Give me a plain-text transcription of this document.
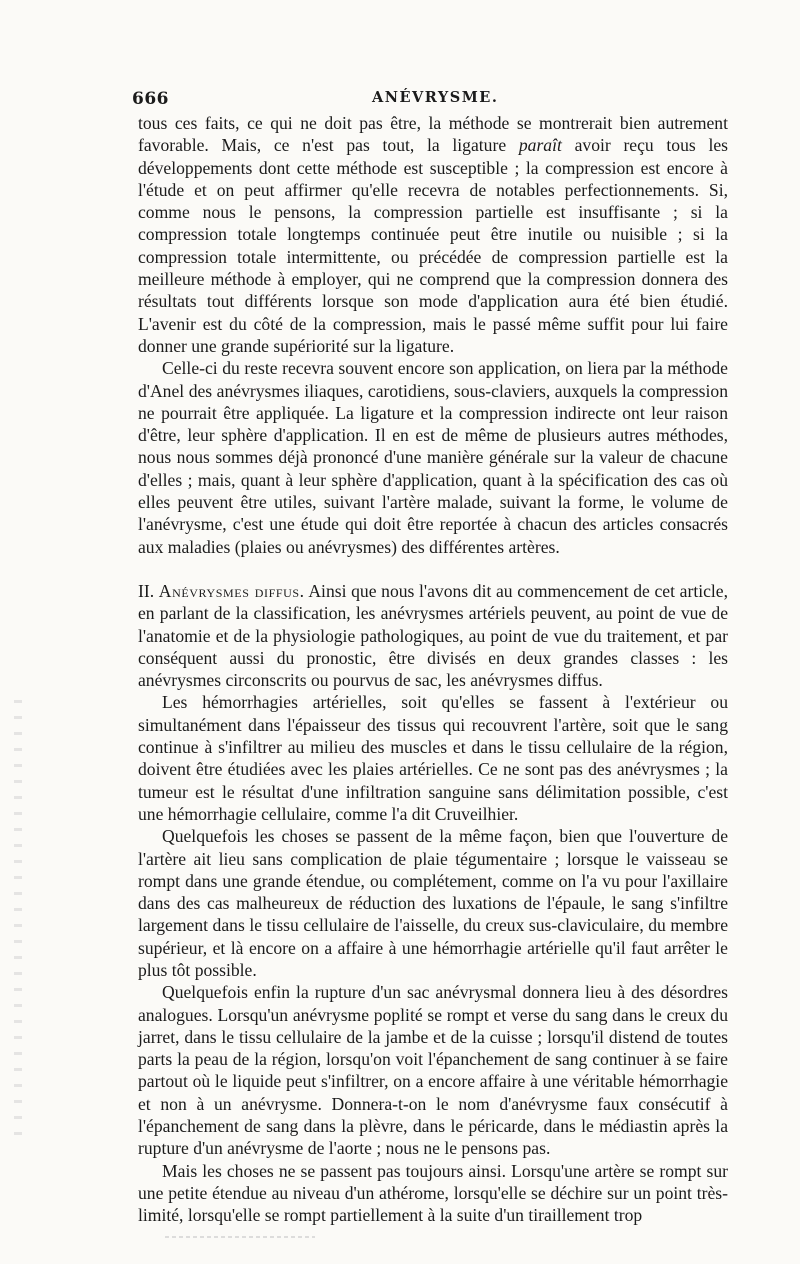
666	ANÉVRYSME.

tous ces faits, ce qui ne doit pas être, la méthode se montrerait bien autrement favorable. Mais, ce n'est pas tout, la ligature paraît avoir reçu tous les développements dont cette méthode est susceptible ; la compression est encore à l'étude et on peut affirmer qu'elle recevra de notables perfectionnements. Si, comme nous le pensons, la compression partielle est insuffisante ; si la compression totale longtemps continuée peut être inutile ou nuisible ; si la compression totale intermittente, ou précédée de compression partielle est la meilleure méthode à employer, qui ne comprend que la compression donnera des résultats tout différents lorsque son mode d'application aura été bien étudié. L'avenir est du côté de la compression, mais le passé même suffit pour lui faire donner une grande supériorité sur la ligature.

Celle-ci du reste recevra souvent encore son application, on liera par la méthode d'Anel des anévrysmes iliaques, carotidiens, sous-claviers, auxquels la compression ne pourrait être appliquée. La ligature et la compression indirecte ont leur raison d'être, leur sphère d'application. Il en est de même de plusieurs autres méthodes, nous nous sommes déjà prononcé d'une manière générale sur la valeur de chacune d'elles ; mais, quant à leur sphère d'application, quant à la spécification des cas où elles peuvent être utiles, suivant l'artère malade, suivant la forme, le volume de l'anévrysme, c'est une étude qui doit être reportée à chacun des articles consacrés aux maladies (plaies ou anévrysmes) des différentes artères.

II. Anévrysmes diffus. Ainsi que nous l'avons dit au commencement de cet article, en parlant de la classification, les anévrysmes artériels peuvent, au point de vue de l'anatomie et de la physiologie pathologiques, au point de vue du traitement, et par conséquent aussi du pronostic, être divisés en deux grandes classes : les anévrysmes circonscrits ou pourvus de sac, les anévrysmes diffus.

Les hémorrhagies artérielles, soit qu'elles se fassent à l'extérieur ou simultanément dans l'épaisseur des tissus qui recouvrent l'artère, soit que le sang continue à s'infiltrer au milieu des muscles et dans le tissu cellulaire de la région, doivent être étudiées avec les plaies artérielles. Ce ne sont pas des anévrysmes ; la tumeur est le résultat d'une infiltration sanguine sans délimitation possible, c'est une hémorrhagie cellulaire, comme l'a dit Cruveilhier.

Quelquefois les choses se passent de la même façon, bien que l'ouverture de l'artère ait lieu sans complication de plaie tégumentaire ; lorsque le vaisseau se rompt dans une grande étendue, ou complétement, comme on l'a vu pour l'axillaire dans des cas malheureux de réduction des luxations de l'épaule, le sang s'infiltre largement dans le tissu cellulaire de l'aisselle, du creux sus-claviculaire, du membre supérieur, et là encore on a affaire à une hémorrhagie artérielle qu'il faut arrêter le plus tôt possible.

Quelquefois enfin la rupture d'un sac anévrysmal donnera lieu à des désordres analogues. Lorsqu'un anévrysme poplité se rompt et verse du sang dans le creux du jarret, dans le tissu cellulaire de la jambe et de la cuisse ; lorsqu'il distend de toutes parts la peau de la région, lorsqu'on voit l'épanchement de sang continuer à se faire partout où le liquide peut s'infiltrer, on a encore affaire à une véritable hémorrhagie et non à un anévrysme. Donnera-t-on le nom d'anévrysme faux consécutif à l'épanchement de sang dans la plèvre, dans le péricarde, dans le médiastin après la rupture d'un anévrysme de l'aorte ; nous ne le pensons pas.

Mais les choses ne se passent pas toujours ainsi. Lorsqu'une artère se rompt sur une petite étendue au niveau d'un athérome, lorsqu'elle se déchire sur un point très-limité, lorsqu'elle se rompt partiellement à la suite d'un tiraillement trop
